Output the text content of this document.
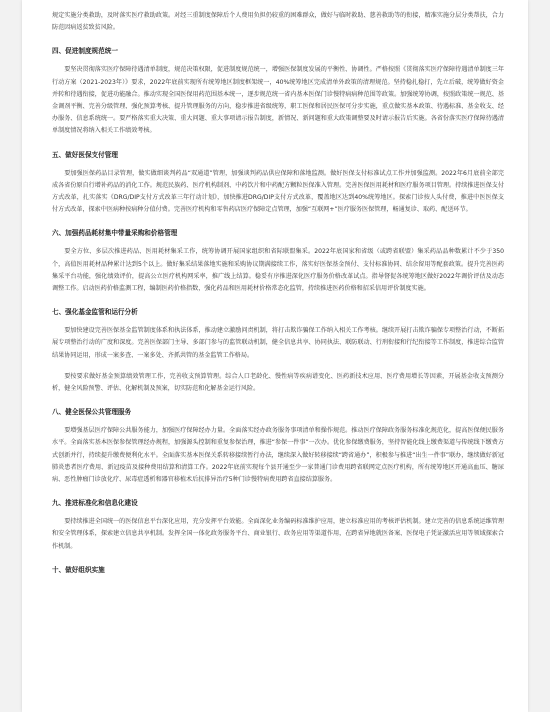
规定实施分类救助，及时落实医疗救助政策。对经三重制度保障后个人费用负担仍较重的困难群众，做好与临时救助、慈善救助等的衔接，精准实施分层分类帮扶，合力防范因病返贫致贫风险。

四、促进制度规范统一

要坚决贯彻落实医疗保障待遇清单制度，规范决策权限，促进制度规范统一，增强医保制度发展的平衡性、协调性。严格按照《贯彻落实医疗保障待遇清单制度三年行动方案（2021-2023年）》要求，2022年底前实现所有统筹地区制度框架统一，40%统筹地区完成清单外政策的清理规范。坚持稳扎稳打，先立后破，统筹做好资金并转和待遇衔接，促进功能融合。推动实现全国医保用药范围基本统一，逐步规范统一省内基本医保门诊慢特病病种范围等政策。加强统筹协调，按照政策统一规范、基金调剂平衡、完善分级管理、强化预算考核、提升管理服务的方向，稳步推进省级统筹，职工医保和居民医保可分步实施，重点做实基本政策、待遇标准、基金收支、经办服务、信息系统统一。要严格落实重大决策、重大问题、重大事项请示报告制度，新情况、新问题和重大政策调整要及时请示报告后实施。各省份落实医疗保障待遇清单制度情况将纳入相关工作绩效考核。

五、做好医保支付管理

要加强医保药品目录管理，做实做细谈判药品“双通道”管理，加强谈判药品供应保障和落地监测。做好医保支付标准试点工作并加强监测。2022年6月底前全部完成各省份原自行增补药品的消化工作。规范民族药、医疗机构制剂、中药饮片和中药配方颗粒医保准入管理。完善医保医用耗材和医疗服务项目管理。持续推进医保支付方式改革，扎实落实《DRG/DIP支付方式改革三年行动计划》，加快推进DRG/DIP支付方式改革，覆盖地区达到40%统筹地区。探索门诊按人头付费，推进中医医保支付方式改革，探索中医病种按病种分值付费。完善医疗机构和零售药店医疗保障定点管理，加强“互联网+”医疗服务医保管理，畅通复诊、取药、配送环节。

六、加强药品耗材集中带量采购和价格管理

要全方位、多层次推进药品、医用耗材集采工作，统筹协调开展国家组织和省际联盟集采。2022年底国家和省级（或跨省联盟）集采药品品种数累计不少于350个，高值医用耗材品种累计达到5个以上。做好集采结果落地实施和采购协议期满接续工作，落实好医保基金预付、支付标准协同、结余留用等配套政策。提升完善医药集采平台功能，强化绩效评价，提高公立医疗机构网采率，推广线上结算。稳妥有序推进深化医疗服务价格改革试点。指导督促各统筹地区做好2022年调价评估及动态调整工作。启动医药价格监测工程，编制医药价格指数，强化药品和医用耗材价格常态化监管，持续推进医药价格和招采信用评价制度实施。

七、强化基金监管和运行分析

要加快建设完善医保基金监管制度体系和执法体系，推动建立激励问责机制，将打击欺诈骗保工作纳入相关工作考核。继续开展打击欺诈骗保专项整治行动，不断拓展专项整治行动的广度和深度。完善医保部门主导、多部门参与的监管联动机制，健全信息共享、协同执法、联防联动、行刑衔接和行纪衔接等工作制度，推进综合监管结果协同运用，形成一案多查、一案多处、齐抓共管的基金监管工作格局。

要按要求做好基金预算绩效管理工作，完善收支预算管理。综合人口老龄化、慢性病等疾病谱变化、医药新技术应用、医疗费用增长等因素，开展基金收支预测分析，健全风险预警、评估、化解机制及预案，切实防范和化解基金运行风险。

八、健全医保公共管理服务

要增强基层医疗保障公共服务能力，加强医疗保障经办力量。全面落实经办政务服务事项清单和操作规范。推动医疗保障政务服务标准化规范化，提高医保便民服务水平。全面落实基本医保参保管理经办规程，加强源头控制和重复参保治理，推进“参保一件事”一次办。优化参保缴费服务，坚持智能化线上缴费渠道与传统线下缴费方式创新并行，持续提升缴费便利化水平。全面落实基本医保关系转移接续暂行办法，继续深入做好转移接续“跨省通办”，积极参与推进“出生一件事”联办，继续做好新冠肺炎患者医疗费用、新冠疫苗及接种费用结算和清算工作。2022年底前实现每个县开通至少一家普通门诊费用跨省联网定点医疗机构，所有统筹地区开通高血压、糖尿病、恶性肿瘤门诊放化疗、尿毒症透析和器官移植术后抗排异治疗5种门诊慢特病费用跨省直接结算服务。

九、推进标准化和信息化建设

要持续推进全国统一的医保信息平台深化应用，充分发挥平台效能。全面深化业务编码标准维护应用，建立标准应用的考核评估机制。建立完善的信息系统运维管理和安全管理体系，探索建立信息共享机制。发挥全国一体化政务服务平台、商业银行、政务应用等渠道作用，在跨省异地就医备案、医保电子凭证激活应用等领域探索合作机制。

十、做好组织实施
